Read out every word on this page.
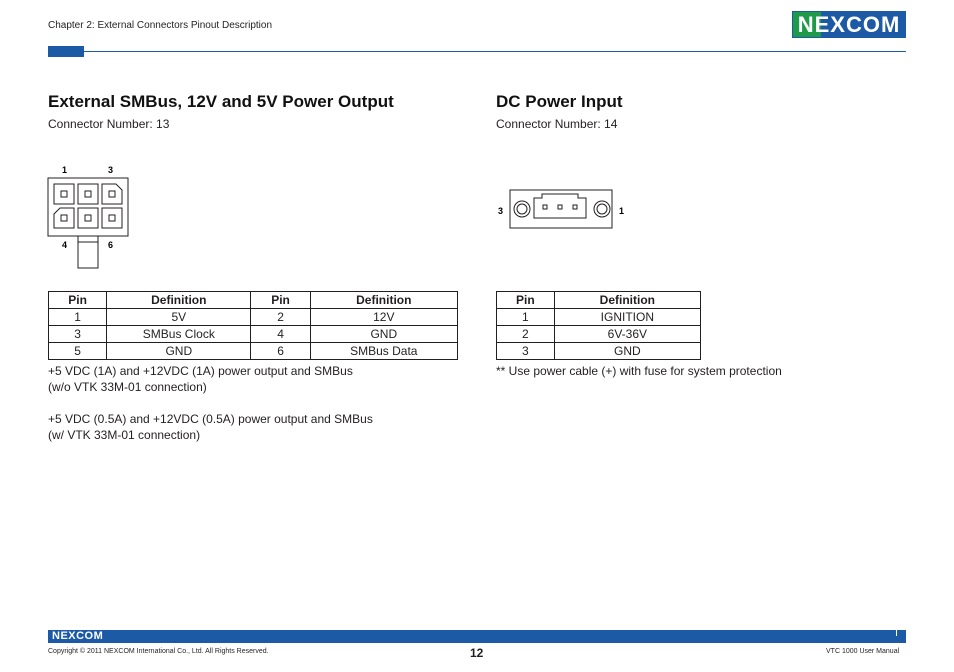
Chapter 2: External Connectors Pinout Description	NEXCOM
External SMBus, 12V and 5V Power Output
Connector Number: 13
1	3
4	6
Pin	Definition	Pin	Definition
1	5V	2	12V
3	SMBus Clock	4	GND
5	GND	6	SMBus Data
+5 VDC (1A) and +12VDC (1A) power output and SMBus
(w/o VTK 33M-01 connection)
+5 VDC (0.5A) and +12VDC (0.5A) power output and SMBus
(w/ VTK 33M-01 connection)
DC Power Input
Connector Number: 14
3	1
Pin	Definition
1	IGNITION
2	6V-36V
3	GND
** Use power cable (+) with fuse for system protection
NEXCOM
Copyright © 2011 NEXCOM International Co., Ltd. All Rights Reserved.	12	VTC 1000 User Manual
